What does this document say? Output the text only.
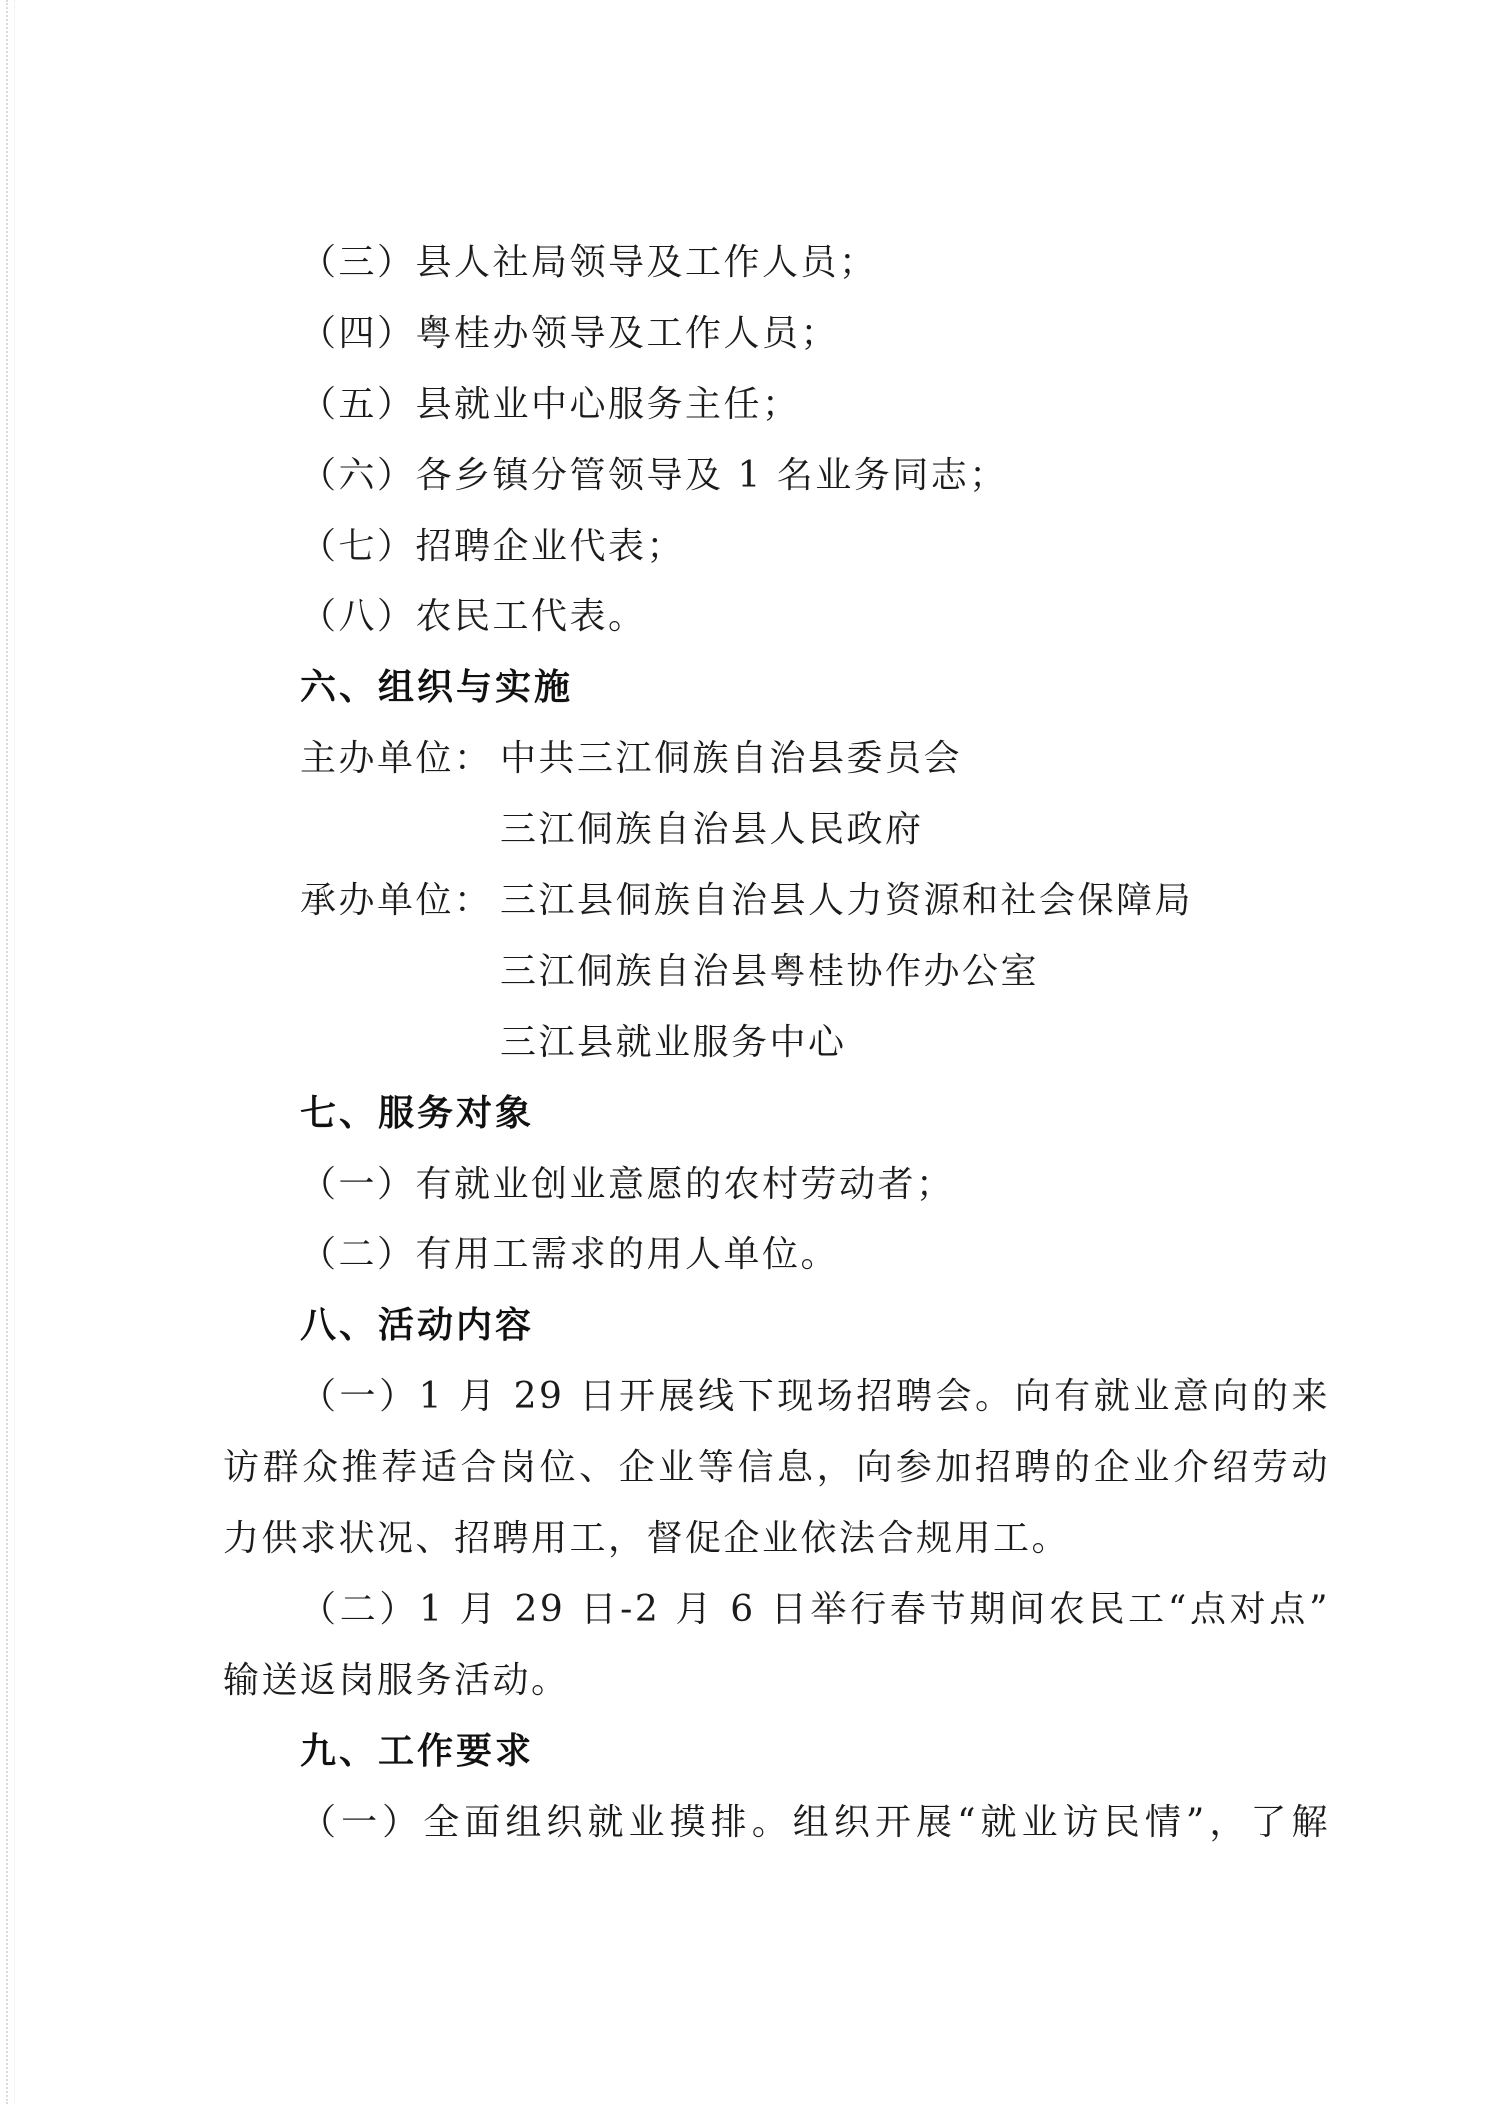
（三）县人社局领导及工作人员；
（四）粤桂办领导及工作人员；
（五）县就业中心服务主任；
（六）各乡镇分管领导及 1 名业务同志；
（七）招聘企业代表；
（八）农民工代表。
六、组织与实施
主办单位： 中共三江侗族自治县委员会
三江侗族自治县人民政府
承办单位： 三江县侗族自治县人力资源和社会保障局
三江侗族自治县粤桂协作办公室
三江县就业服务中心
七、服务对象
（一）有就业创业意愿的农村劳动者；
（二）有用工需求的用人单位。
八、活动内容
（一）1 月 29 日开展线下现场招聘会。向有就业意向的来
访群众推荐适合岗位、企业等信息，向参加招聘的企业介绍劳动
力供求状况、招聘用工，督促企业依法合规用工。
（二）1 月 29 日-2 月 6 日举行春节期间农民工“点对点”
输送返岗服务活动。
九、工作要求
（一）全面组织就业摸排。组织开展“就业访民情”，了解
